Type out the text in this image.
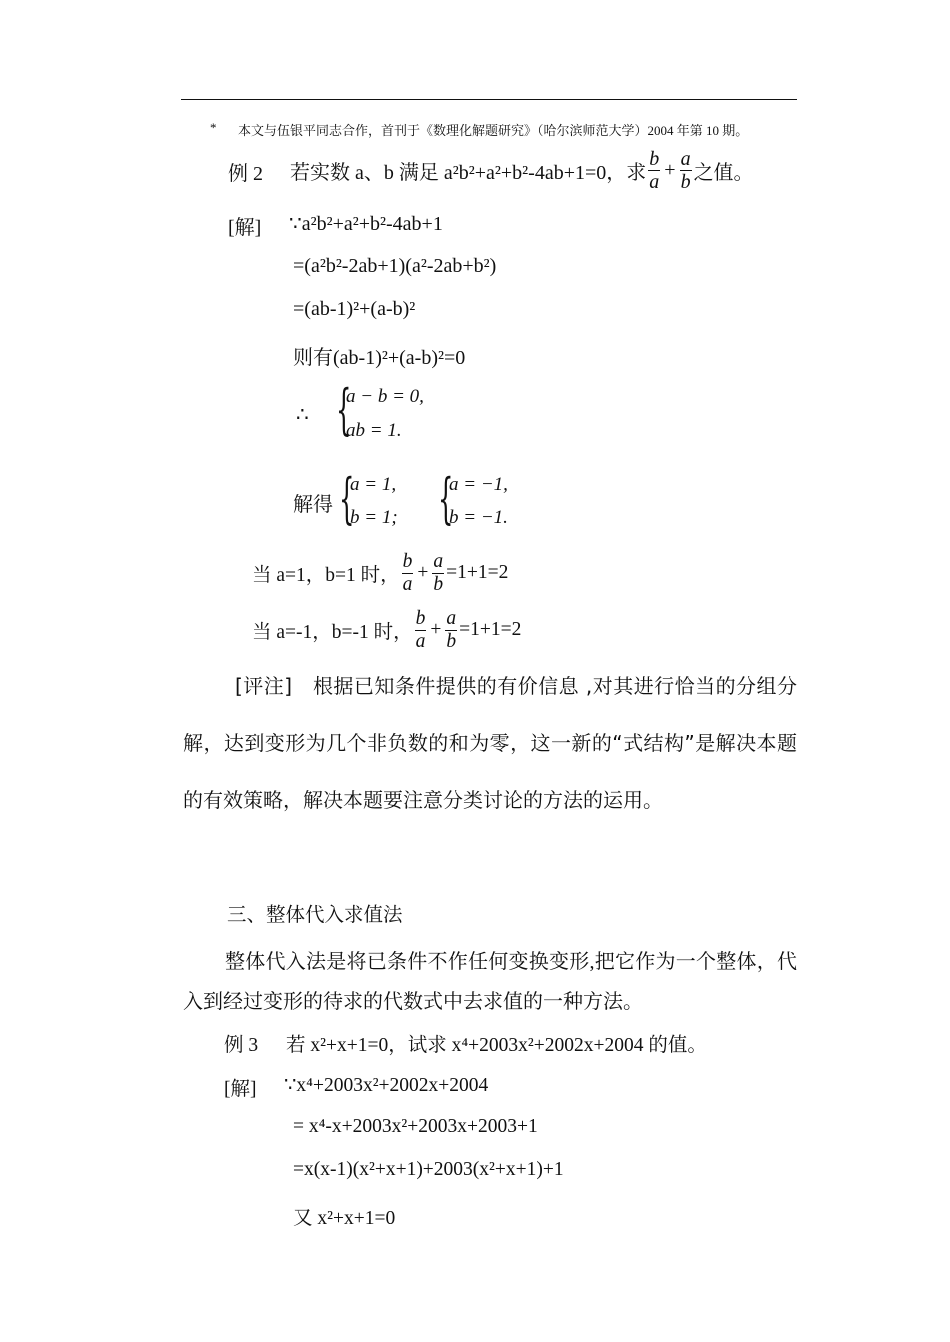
* 本文与伍银平同志合作，首刊于《数理化解题研究》（哈尔滨师范大学）2004 年第 10 期。
例 2 若实数 a、b 满足 a²b²+a²+b²-4ab+1=0，求 $\frac{b}{a} + \frac{a}{b}$ 之值。
[解] ∵a²b²+a²+b²-4ab+1
=(a²b²-2ab+1)(a²-2ab+b²)
=(ab-1)²+(a-b)²
则有(ab-1)²+(a-b)²=0
∴ {
a − b = 0,
ab = 1.
解得 {
a = 1,
b = 1; {
a = −1,
b = −1.
当 a=1，b=1 时， $\frac{b}{a} + \frac{a}{b} =1+1=2$
当 a=-1，b=-1 时， $\frac{b}{a} + \frac{a}{b} =1+1=2$
[评注]　根据已知条件提供的有价信息 ,对其进行恰当的分组分解，达到变形为几个非负数的和为零，这一新的“式结构”是解决本题的有效策略，解决本题要注意分类讨论的方法的运用。
三、整体代入求值法
整体代入法是将已条件不作任何变换变形,把它作为一个整体，代入到经过变形的待求的代数式中去求值的一种方法。
例 3 若 x²+x+1=0，试求 x⁴+2003x²+2002x+2004 的值。
[解] ∵x⁴+2003x²+2002x+2004
= x⁴-x+2003x²+2003x+2003+1
=x(x-1)(x²+x+1)+2003(x²+x+1)+1
又 x²+x+1=0
